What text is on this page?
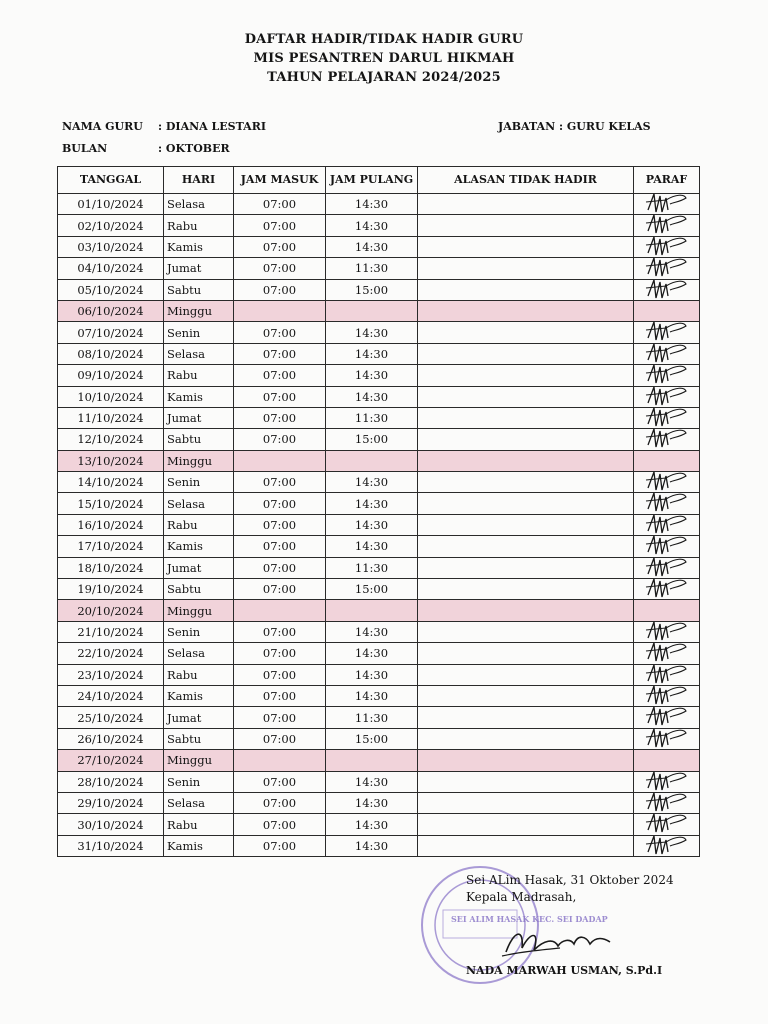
DAFTAR HADIR/TIDAK HADIR GURU
MIS PESANTREN DARUL HIKMAH
TAHUN PELAJARAN 2024/2025
NAMA GURU : DIANA LESTARI
BULAN	: OKTOBER
JABATAN : GURU KELAS
TANGGAL	HARI	JAM MASUK	JAM PULANG	ALASAN TIDAK HADIR	PARAF
01/10/2024	Selasa	07:00	14:30		

02/10/2024	Rabu	07:00	14:30		

03/10/2024	Kamis	07:00	14:30		

04/10/2024	Jumat	07:00	11:30		

05/10/2024	Sabtu	07:00	15:00		

06/10/2024	Minggu				
07/10/2024	Senin	07:00	14:30		

08/10/2024	Selasa	07:00	14:30		

09/10/2024	Rabu	07:00	14:30		

10/10/2024	Kamis	07:00	14:30		

11/10/2024	Jumat	07:00	11:30		

12/10/2024	Sabtu	07:00	15:00		

13/10/2024	Minggu				
14/10/2024	Senin	07:00	14:30		

15/10/2024	Selasa	07:00	14:30		

16/10/2024	Rabu	07:00	14:30		

17/10/2024	Kamis	07:00	14:30		

18/10/2024	Jumat	07:00	11:30		

19/10/2024	Sabtu	07:00	15:00		

20/10/2024	Minggu				
21/10/2024	Senin	07:00	14:30		

22/10/2024	Selasa	07:00	14:30		

23/10/2024	Rabu	07:00	14:30		

24/10/2024	Kamis	07:00	14:30		

25/10/2024	Jumat	07:00	11:30		

26/10/2024	Sabtu	07:00	15:00		

27/10/2024	Minggu				
28/10/2024	Senin	07:00	14:30		

29/10/2024	Selasa	07:00	14:30		

30/10/2024	Rabu	07:00	14:30		

31/10/2024	Kamis	07:00	14:30		
SEI ALIM HASAK KEC. SEI DADAP
Sei ALim Hasak, 31 Oktober 2024
Kepala Madrasah,
NADA MARWAH USMAN, S.Pd.I
